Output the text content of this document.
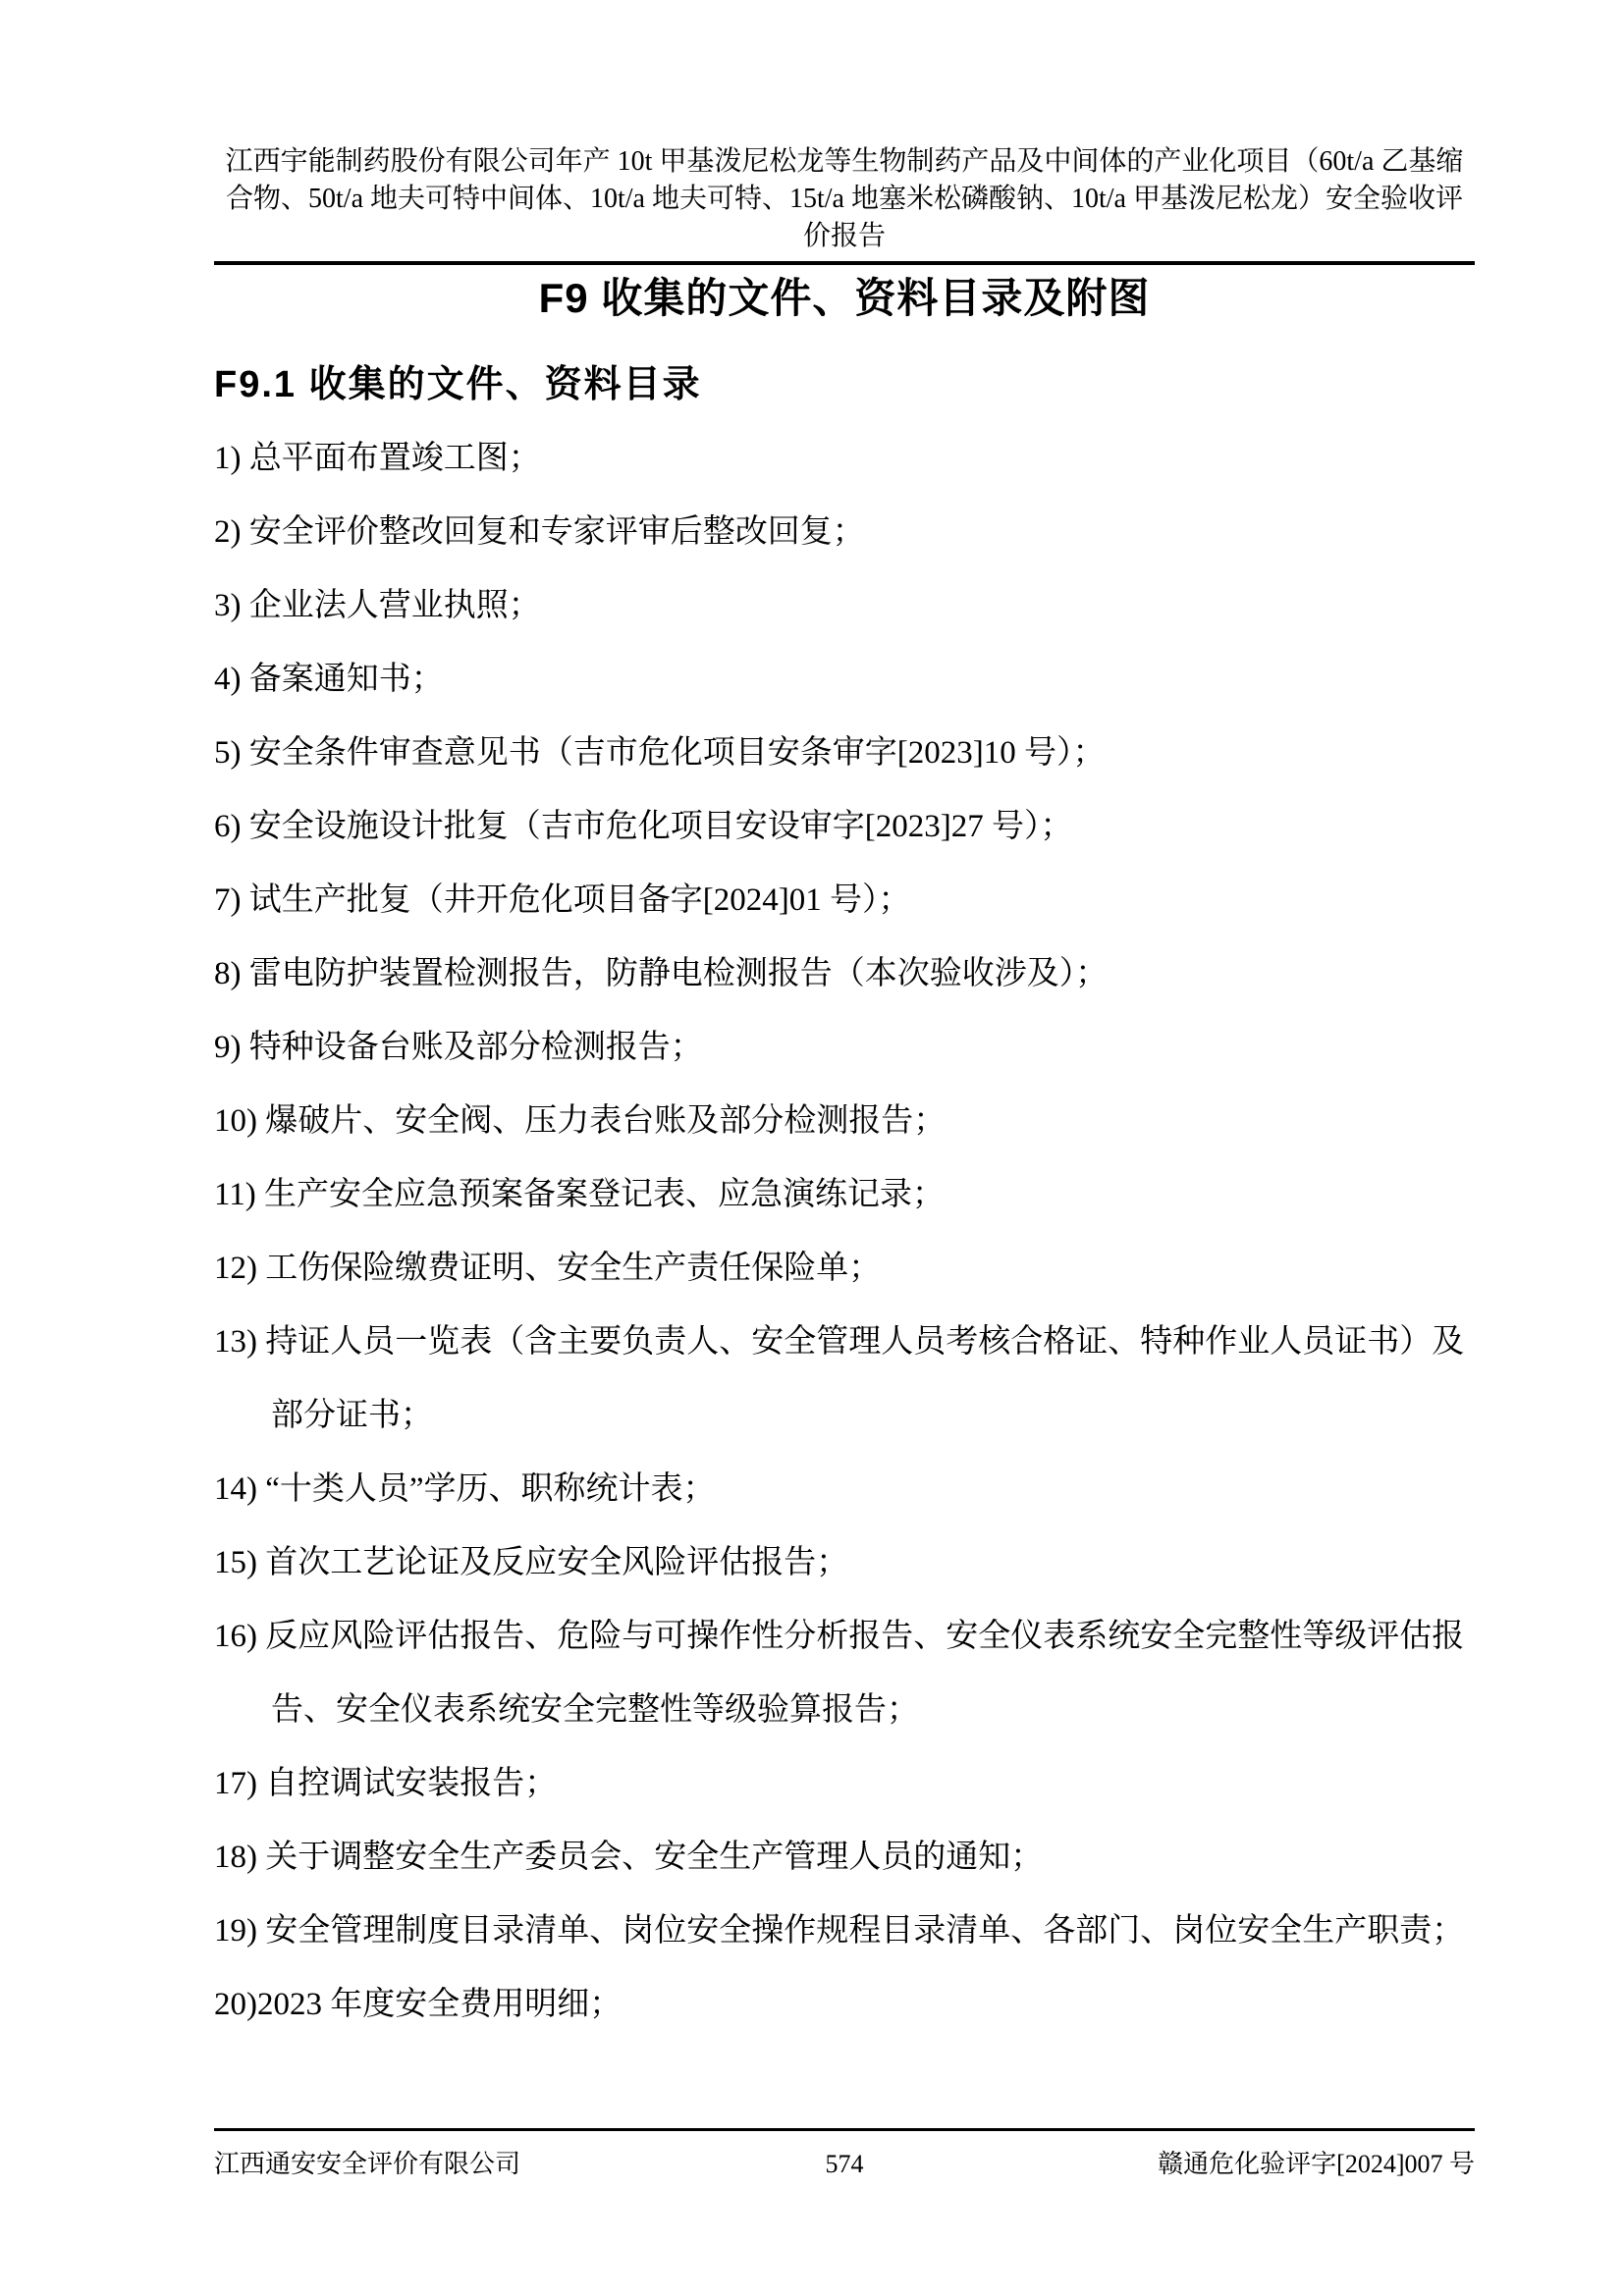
江西宇能制药股份有限公司年产 10t 甲基泼尼松龙等生物制药产品及中间体的产业化项目（60t/a 乙基缩合物、50t/a 地夫可特中间体、10t/a 地夫可特、15t/a 地塞米松磷酸钠、10t/a 甲基泼尼松龙）安全验收评价报告
F9 收集的文件、资料目录及附图
F9.1 收集的文件、资料目录

1) 总平面布置竣工图；

2) 安全评价整改回复和专家评审后整改回复；

3) 企业法人营业执照；

4) 备案通知书；

5) 安全条件审查意见书（吉市危化项目安条审字[2023]10 号）；

6) 安全设施设计批复（吉市危化项目安设审字[2023]27 号）；

7) 试生产批复（井开危化项目备字[2024]01 号）；

8) 雷电防护装置检测报告，防静电检测报告（本次验收涉及）；

9) 特种设备台账及部分检测报告；

10) 爆破片、安全阀、压力表台账及部分检测报告；

11) 生产安全应急预案备案登记表、应急演练记录；

12) 工伤保险缴费证明、安全生产责任保险单；

13) 持证人员一览表（含主要负责人、安全管理人员考核合格证、特种作业人员证书）及部分证书；

14) “十类人员”学历、职称统计表；

15) 首次工艺论证及反应安全风险评估报告；

16) 反应风险评估报告、危险与可操作性分析报告、安全仪表系统安全完整性等级评估报告、安全仪表系统安全完整性等级验算报告；

17) 自控调试安装报告；

18) 关于调整安全生产委员会、安全生产管理人员的通知；

19) 安全管理制度目录清单、岗位安全操作规程目录清单、各部门、岗位安全生产职责；

20)2023 年度安全费用明细；

江西通安安全评价有限公司	574	赣通危化验评字[2024]007 号
